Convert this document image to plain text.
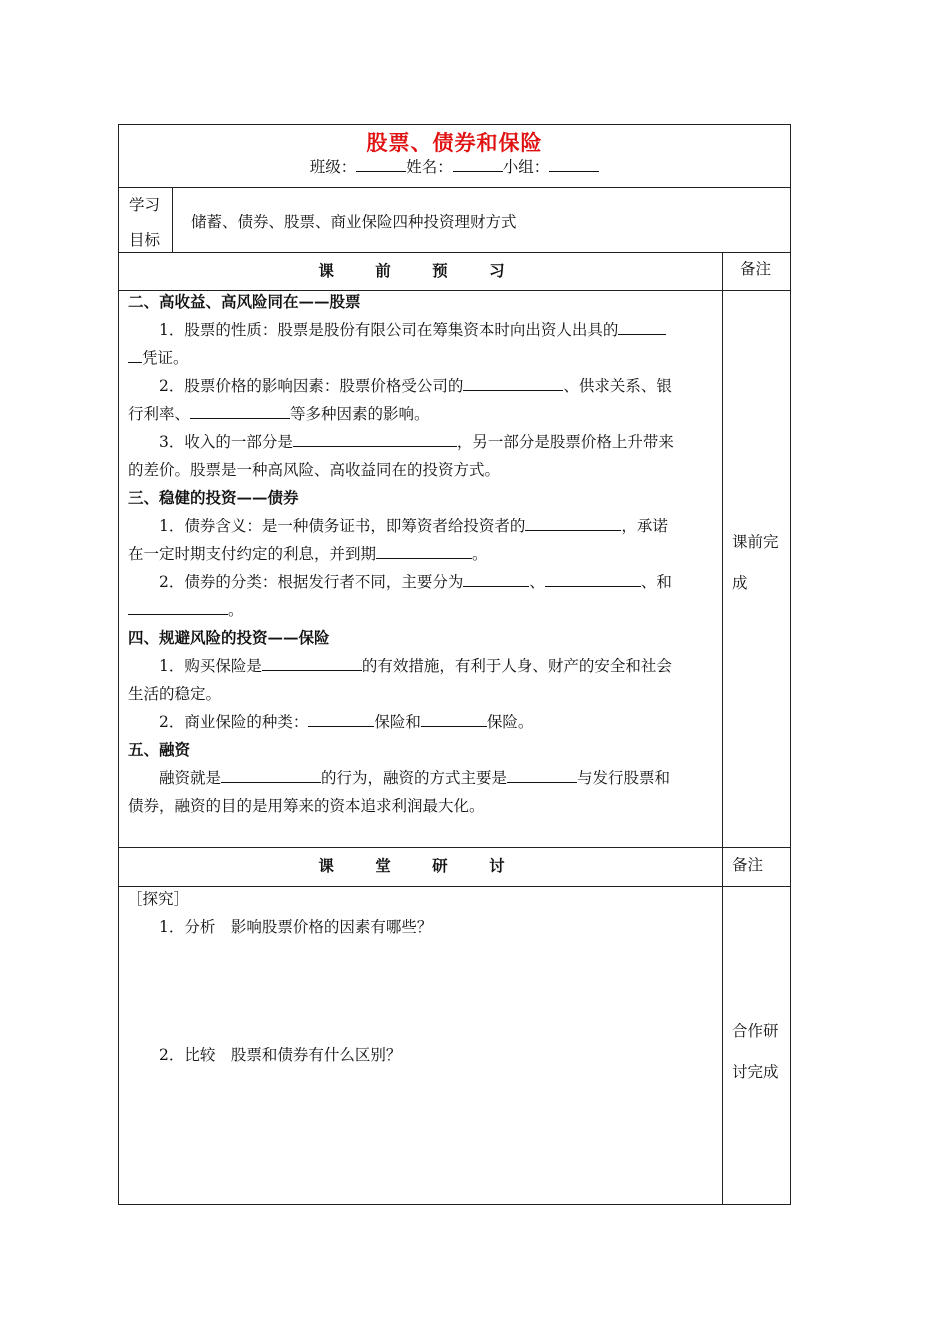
股票、债券和保险
班级：	姓名：	小组：
学习
目标
储蓄、债券、股票、商业保险四种投资理财方式
课 前 预 习	备注

二、高收益、高风险同在——股票

1．股票的性质：股票是股份有限公司在筹集资本时向出资人出具的

凭证。

2．股票价格的影响因素：股票价格受公司的	、供求关系、银

行利率、	等多种因素的影响。

3．收入的一部分是	，另一部分是股票价格上升带来

的差价。股票是一种高风险、高收益同在的投资方式。

三、稳健的投资——债券

1．债券含义：是一种债务证书，即筹资者给投资者的	，承诺

在一定时期支付约定的利息，并到期	。

2．债券的分类：根据发行者不同，主要分为	、	、和

。

四、规避风险的投资——保险

1．购买保险是	的有效措施，有利于人身、财产的安全和社会

生活的稳定。

2．商业保险的种类：	保险和	保险。

五、融资

融资就是	的行为，融资的方式主要是	与发行股票和

债券，融资的目的是用筹来的资本追求利润最大化。

课前完
成
课 堂 研 讨	备注
［探究］
1．分析　影响股票价格的因素有哪些？
2．比较　股票和债券有什么区别？
合作研
讨完成
